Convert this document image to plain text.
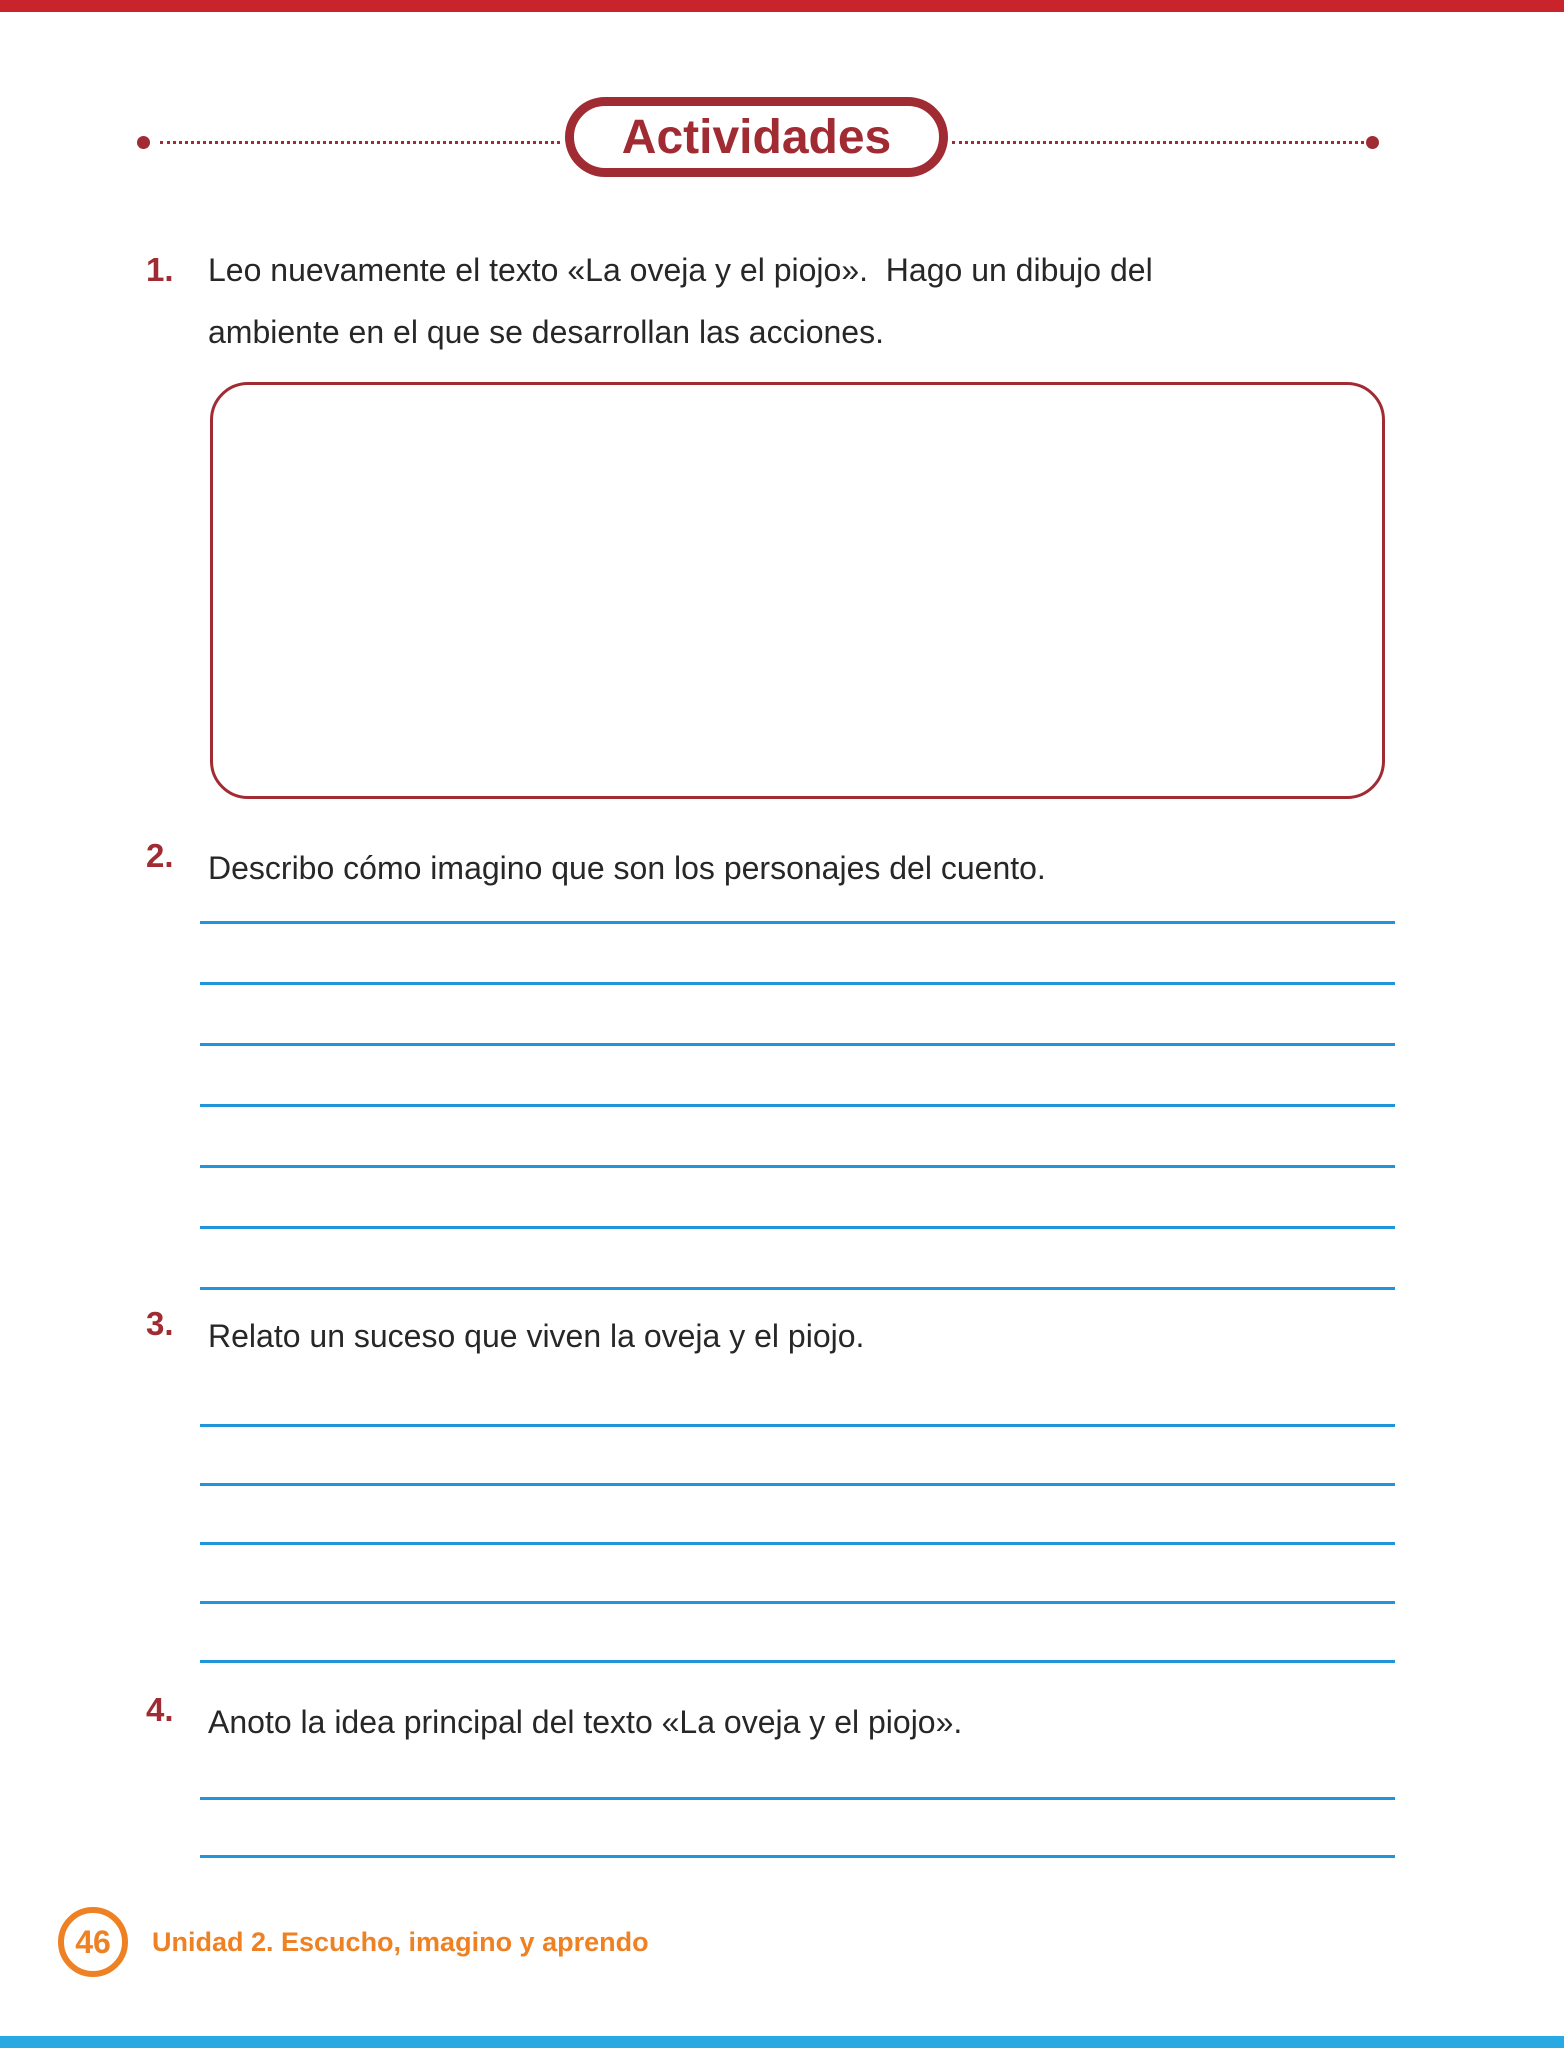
Actividades
1.	Leo nuevamente el texto «La oveja y el piojo».  Hago un dibujo del
ambiente en el que se desarrollan las acciones.
2.	Describo cómo imagino que son los personajes del cuento.
3.	Relato un suceso que viven la oveja y el piojo.
4.	Anoto la idea principal del texto «La oveja y el piojo».
46 Unidad 2. Escucho, imagino y aprendo
